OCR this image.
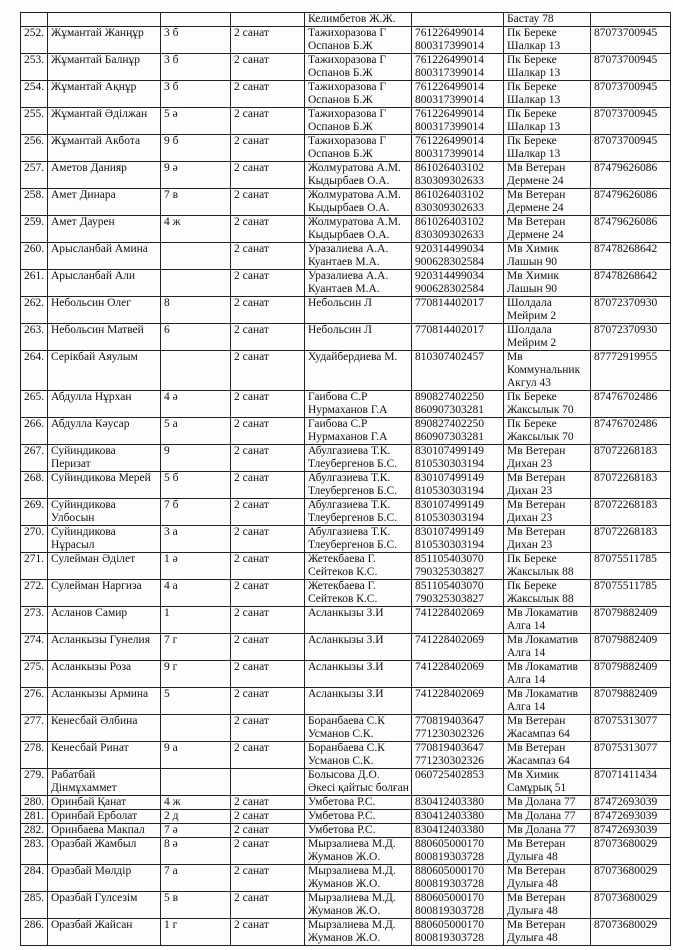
				Келимбетов Ж.Ж.		Бастау 78	
252.	Жұмантай Жанңұр	3 б	2 санат	Тажихоразова Г
Оспанов Б.Ж	761226499014
800317399014	Пк Береке
Шалкар 13	87073700945
253.	Жұмантай Балнұр	3 б	2 санат	Тажихоразова Г
Оспанов Б.Ж	761226499014
800317399014	Пк Береке
Шалкар 13	87073700945
254.	Жұмантай Ақнұр	3 б	2 санат	Тажихоразова Г
Оспанов Б.Ж	761226499014
800317399014	Пк Береке
Шалкар 13	87073700945
255.	Жұмантай Әділжан	5 ә	2 санат	Тажихоразова Г
Оспанов Б.Ж	761226499014
800317399014	Пк Береке
Шалкар 13	87073700945
256.	Жұмантай Акбота	9 б	2 санат	Тажихоразова Г
Оспанов Б.Ж	761226499014
800317399014	Пк Береке
Шалкар 13	87073700945
257.	Аметов Данияр	9 ә	2 санат	Жолмуратова А.М.
Кыдырбаев О.А.	861026403102
830309302633	Мв Ветеран
Дермене 24	87479626086
258.	Амет Динара	7 в	2 санат	Жолмуратова А.М.
Кыдырбаев О.А.	861026403102
830309302633	Мв Ветеран
Дермене 24	87479626086
259.	Амет Даурен	4 ж	2 санат	Жолмуратова А.М.
Кыдырбаев О.А.	861026403102
830309302633	Мв Ветеран
Дермене 24	87479626086
260.	Арысланбай Амина		2 санат	Уразалиева А.А.
Куантаев М.А.	920314499034
900628302584	Мв Химик
Лашын 90	87478268642
261.	Арысланбай Али		2 санат	Уразалиева А.А.
Куантаев М.А.	920314499034
900628302584	Мв Химик
Лашын 90	87478268642
262.	Небольсин Олег	8	2 санат	Небольсин Л	770814402017	Шолдала
Мейрим 2	87072370930
263.	Небольсин Матвей	6	2 санат	Небольсин Л	770814402017	Шолдала
Мейрим 2	87072370930
264.	Серікбай Аяулым		2 санат	Худайбердиева М.	810307402457	Мв
Коммунальник
Акгул 43	87772919955
265.	Абдулла Нұрхан	4 ә	2 санат	Гаибова С.Р
Нурмаханов Г.А	890827402250
860907303281	Пк Береке
Жаксылык 70	87476702486
266.	Абдулла Кәусар	5 а	2 санат	Гаибова С.Р
Нурмаханов Г.А	890827402250
860907303281	Пк Береке
Жаксылык 70	87476702486
267.	Суйиндикова
Перизат	9	2 санат	Абулгазиева Т.К.
Тлеубергенов Б.С.	830107499149
810530303194	Мв Ветеран
Дихан 23	87072268183
268.	Суйиндикова Мерей	5 б	2 санат	Абулгазиева Т.К.
Тлеубергенов Б.С.	830107499149
810530303194	Мв Ветеран
Дихан 23	87072268183
269.	Суйиндикова
Улбосын	7 б	2 санат	Абулгазиева Т.К.
Тлеубергенов Б.С.	830107499149
810530303194	Мв Ветеран
Дихан 23	87072268183
270.	Суйиндикова
Нұрасыл	3 а	2 санат	Абулгазиева Т.К.
Тлеубергенов Б.С.	830107499149
810530303194	Мв Ветеран
Дихан 23	87072268183
271.	Сулейман Әділет	1 ә	2 санат	Жетекбаева Г.
Сейтеков К.С.	851105403070
790325303827	Пк Береке
Жаксылык 88	87075511785
272.	Сулейман Наргиза	4 а	2 санат	Жетекбаева Г.
Сейтеков К.С.	851105403070
790325303827	Пк Береке
Жаксылык 88	87075511785
273.	Асланов Самир	1	2 санат	Асланкызы З.И	741228402069	Мв Локаматив
Алга 14	87079882409
274.	Асланкызы Гунелия	7 г	2 санат	Асланкызы З.И	741228402069	Мв Локаматив
Алга 14	87079882409
275.	Асланкызы Роза	9 г	2 санат	Асланкызы З.И	741228402069	Мв Локаматив
Алга 14	87079882409
276.	Асланкызы Армина	5	2 санат	Асланкызы З.И	741228402069	Мв Локаматив
Алга 14	87079882409
277.	Кенесбай Әлбина		2 санат	Боранбаева С.К
Усманов С.К.	770819403647
771230302326	Мв Ветеран
Жасампаз 64	87075313077
278.	Кенесбай Ринат	9 а	2 санат	Боранбаева С.К
Усманов С.К.	770819403647
771230302326	Мв Ветеран
Жасампаз 64	87075313077
279.	Рабатбай
Дінмұхаммет			Болысова Д.О.
Әкесі қайтыс болған	060725402853	Мв Химик
Самұрық 51	87071411434
280.	Оринбай Қанат	4 ж	2 санат	Умбетова Р.С.	830412403380	Мв Долана 77	87472693039
281.	Оринбай Ерболат	2 д	2 санат	Умбетова Р.С.	830412403380	Мв Долана 77	87472693039
282.	Оринбаева Макпал	7 ә	2 санат	Умбетова Р.С.	830412403380	Мв Долана 77	87472693039
283.	Оразбай Жамбыл	8 ә	2 санат	Мырзалиева М.Д.
Жуманов Ж.О.	880605000170
800819303728	Мв Ветеран
Дулыға 48	87073680029
284.	Оразбай Мөлдір	7 а	2 санат	Мырзалиева М.Д.
Жуманов Ж.О.	880605000170
800819303728	Мв Ветеран
Дулыға 48	87073680029
285.	Оразбай Гулсезім	5 в	2 санат	Мырзалиева М.Д.
Жуманов Ж.О.	880605000170
800819303728	Мв Ветеран
Дулыға 48	87073680029
286.	Оразбай Жайсан	1 г	2 санат	Мырзалиева М.Д.
Жуманов Ж.О.	880605000170
800819303728	Мв Ветеран
Дулыға 48	87073680029
